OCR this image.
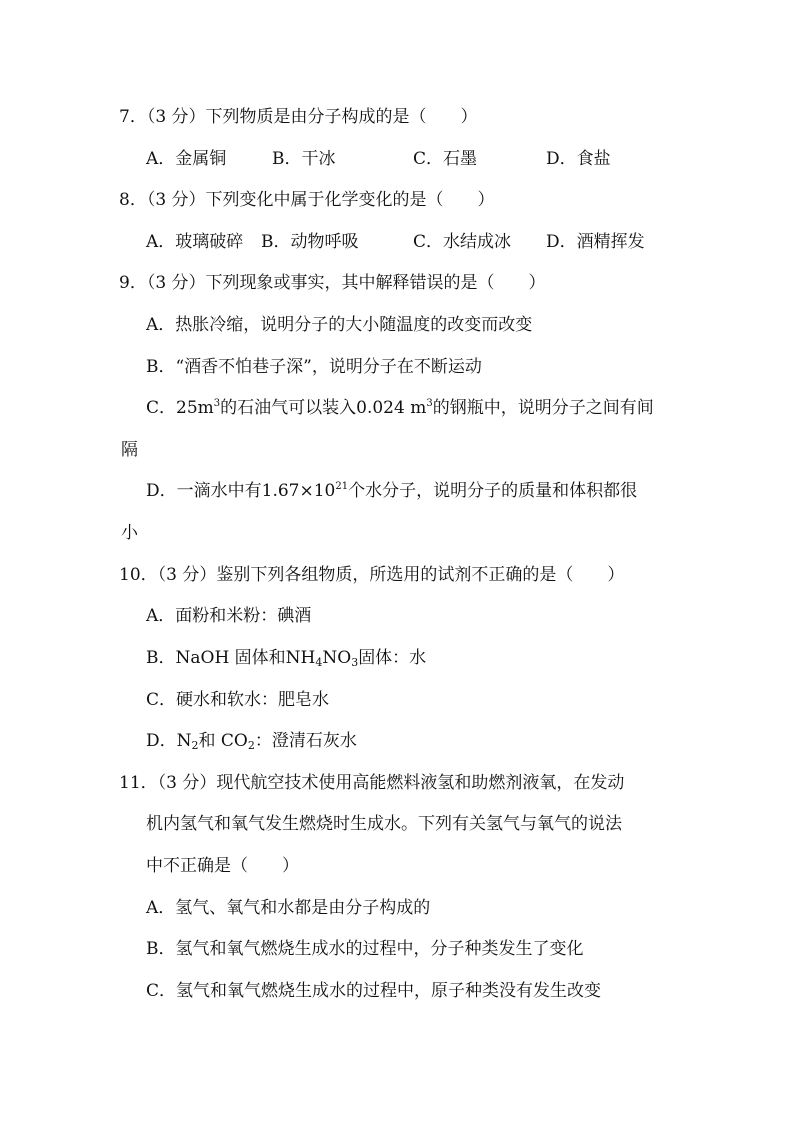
7．（3 分）下列物质是由分子构成的是（　　）
A．金属铜	B．干冰	C．石墨	D．食盐
8．（3 分）下列变化中属于化学变化的是（　　）
A．玻璃破碎 B．动物呼吸	C．水结成冰 D．酒精挥发
9．（3 分）下列现象或事实，其中解释错误的是（　　）
A．热胀冷缩，说明分子的大小随温度的改变而改变
B．“酒香不怕巷子深”，说明分子在不断运动
C．$25m^3$的石油气可以装入0.024 $m^3$的钢瓶中，说明分子之间有间
隔
D．一滴水中有$1.67\times 10^{21}$个水分子，说明分子的质量和体积都很
小
10．（3 分）鉴别下列各组物质，所选用的试剂不正确的是（　　）
A．面粉和米粉：碘酒
B．NaOH 固体和$NH_4NO_3$固体：水
C．硬水和软水：肥皂水
D．$N_2$和 $CO_2$：澄清石灰水
11．（3 分）现代航空技术使用高能燃料液氢和助燃剂液氧，在发动
机内氢气和氧气发生燃烧时生成水。下列有关氢气与氧气的说法
中不正确是（　　）
A．氢气、氧气和水都是由分子构成的
B．氢气和氧气燃烧生成水的过程中，分子种类发生了变化
C．氢气和氧气燃烧生成水的过程中，原子种类没有发生改变
